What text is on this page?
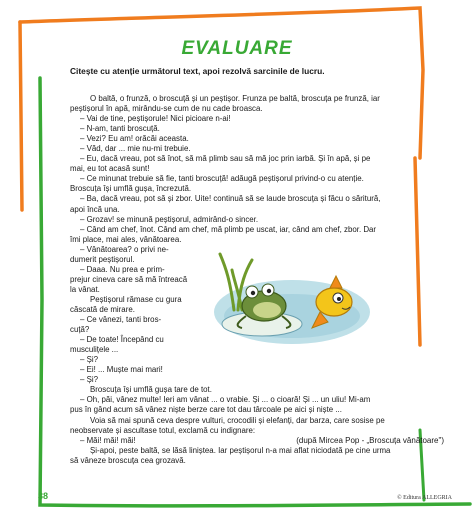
EVALUARE
Citește cu atenție următorul text, apoi rezolvă sarcinile de lucru.

O baltă, o frunză, o broscuță și un peștișor. Frunza pe baltă, broscuța pe frunză, iar

peștișorul în apă, mirându-se cum de nu cade broasca.

– Vai de tine, peștișorule! Nici picioare n-ai!

– N-am, tanti broscuță.

– Vezi? Eu am! orăcăi aceasta.

– Văd, dar ... mie nu-mi trebuie.

– Eu, dacă vreau, pot să înot, să mă plimb sau să mă joc prin iarbă. Și în apă, și pe

mai, eu tot acasă sunt!

– Ce minunat trebuie să fie, tanti broscuță! adăugă peștișorul privind-o cu atenție.

Broscuța își umflă gușa, încrezută.

– Ba, dacă vreau, pot să și zbor. Uite! continuă să se laude broscuța și făcu o săritură,

apoi încă una.

– Grozav! se minună peștișorul, admirând-o sincer.

– Când am chef, înot. Când am chef, mă plimb pe uscat, iar, când am chef, zbor. Dar

îmi place, mai ales, vânătoarea.

– Vânătoarea? o privi ne-

dumerit peștișorul.

– Daaa. Nu prea e prim-

prejur cineva care să mă întreacă

la vânat.

Peștișorul rămase cu gura

căscată de mirare.

– Ce vânezi, tanti bros-

cuță?

– De toate! Începând cu

musculițele ...

– Și?

– Ei! ... Muște mai mari!

– Și?

Broscuța își umflă gușa tare de tot.

– Oh, păi, vânez multe! Ieri am vânat ... o vrabie. Și ... o cioară! Și ... un uliu! Mi-am

pus în gând acum să vânez niște berze care tot dau târcoale pe aici și niște ...

Voia să mai spună ceva despre vulturi, crocodili și elefanți, dar barza, care sosise pe

neobservate și ascultase totul, exclamă cu indignare:

– Măi! măi! măi!

Și-apoi, peste baltă, se lăsă liniștea. Iar peștișorul n-a mai aflat niciodată pe cine urma

să vâneze broscuța cea grozavă.

(după Mircea Pop - „Broscuța vânătoare")
38	© Editura ALLEGRIA
